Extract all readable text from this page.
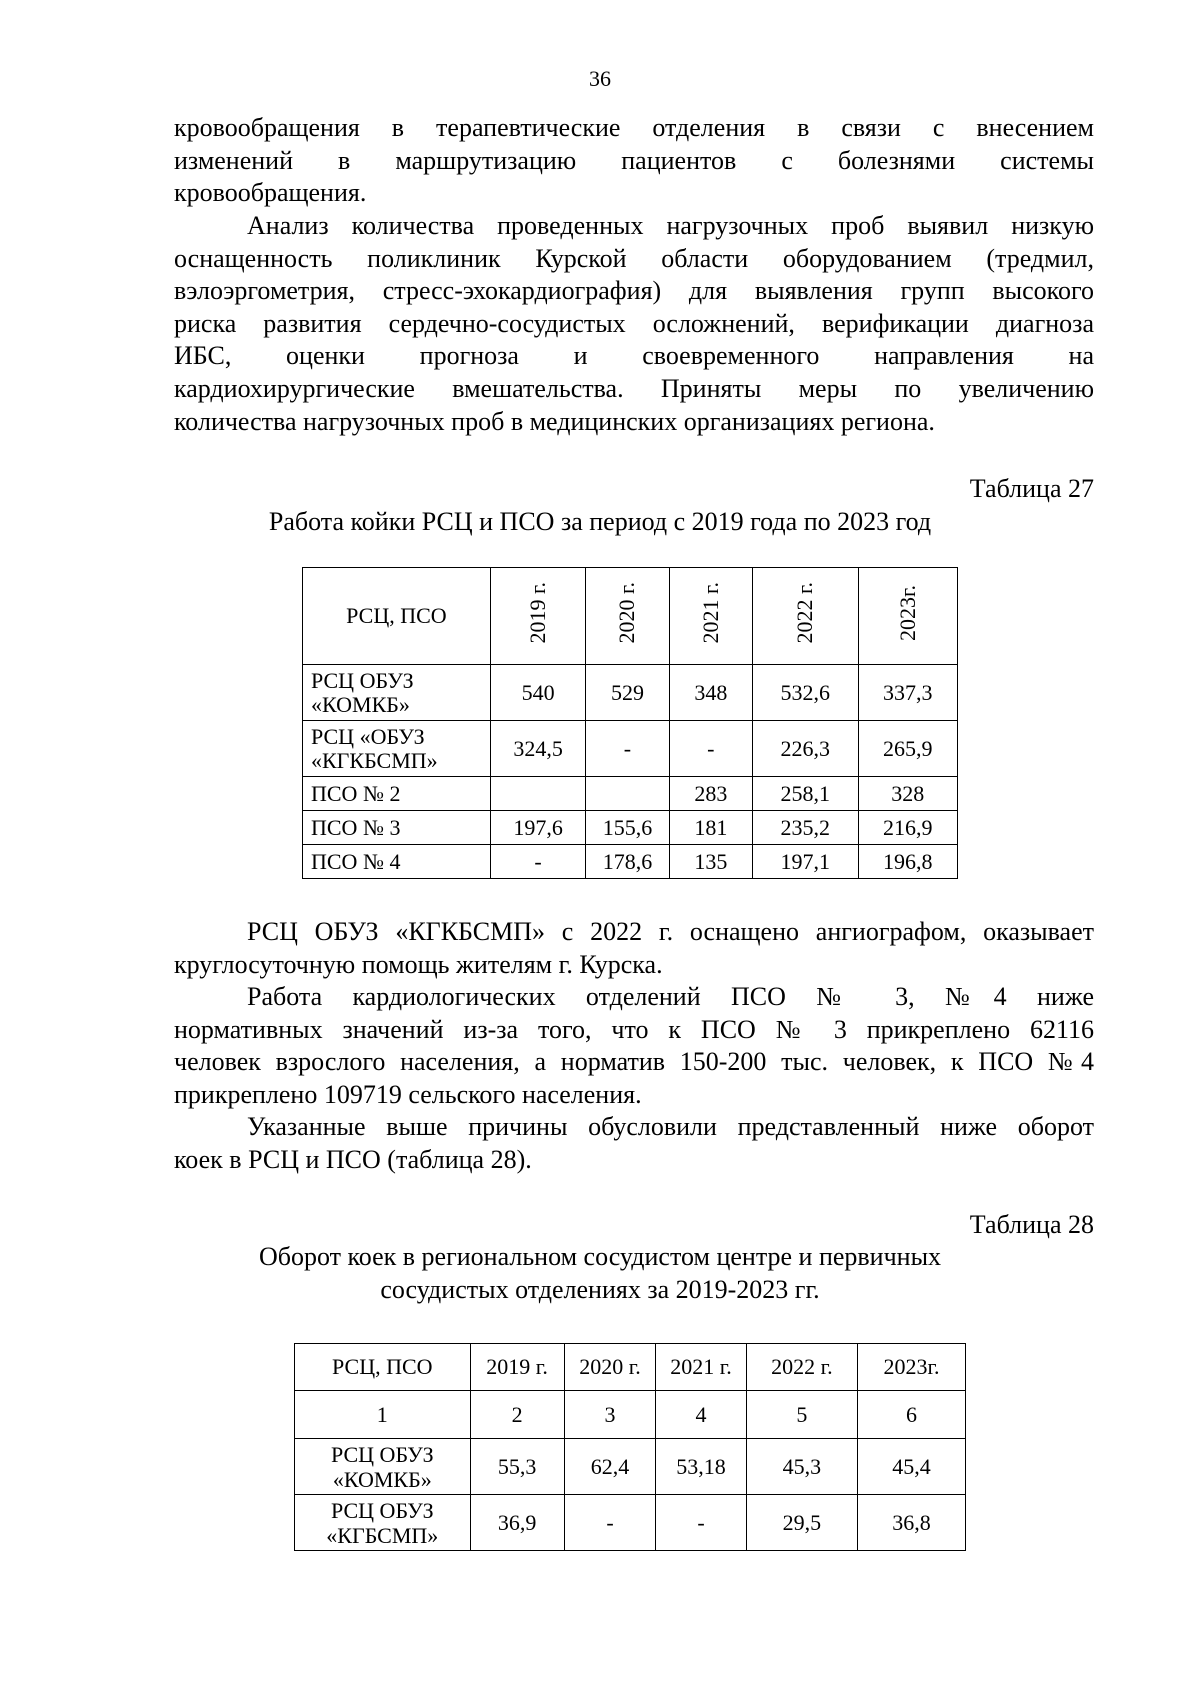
36
кровообращения в терапевтические отделения в связи с внесением
изменений в маршрутизацию пациентов с болезнями системы
кровообращения.
Анализ количества проведенных нагрузочных проб выявил низкую
оснащенность поликлиник Курской области оборудованием (тредмил,
вэлоэргометрия, стресс-эхокардиография) для выявления групп высокого
риска развития сердечно-сосудистых осложнений, верификации диагноза
ИБС, оценки прогноза и своевременного направления на
кардиохирургические вмешательства. Приняты меры по увеличению
количества нагрузочных проб в медицинских организациях региона.
Таблица 27
Работа койки РСЦ и ПСО за период с 2019 года по 2023 год
РСЦ, ПСО	2019 г.	2020 г.	2021 г.	2022 г.	2023г.
РСЦ ОБУЗ
«КОМКБ»	540	529	348	532,6	337,3
РСЦ «ОБУЗ
«КГКБСМП»	324,5	-	-	226,3	265,9
ПСО № 2			283	258,1	328
ПСО № 3	197,6	155,6	181	235,2	216,9
ПСО № 4	-	178,6	135	197,1	196,8
РСЦ ОБУЗ «КГКБСМП» с 2022 г. оснащено ангиографом, оказывает
круглосуточную помощь жителям г. Курска.
Работа кардиологических отделений ПСО № 3, №4 ниже
нормативных значений из-за того, что к ПСО № 3 прикреплено 62116
человек взрослого населения, а норматив 150-200 тыс. человек, к ПСО №4
прикреплено 109719 сельского населения.
Указанные выше причины обусловили представленный ниже оборот
коек в РСЦ и ПСО (таблица 28).
Таблица 28
Оборот коек в региональном сосудистом центре и первичных
сосудистых отделениях за 2019-2023 гг.
РСЦ, ПСО	2019 г.	2020 г.	2021 г.	2022 г.	2023г.
1	2	3	4	5	6
РСЦ ОБУЗ
«КОМКБ»	55,3	62,4	53,18	45,3	45,4
РСЦ ОБУЗ
«КГБСМП»	36,9	-	-	29,5	36,8
